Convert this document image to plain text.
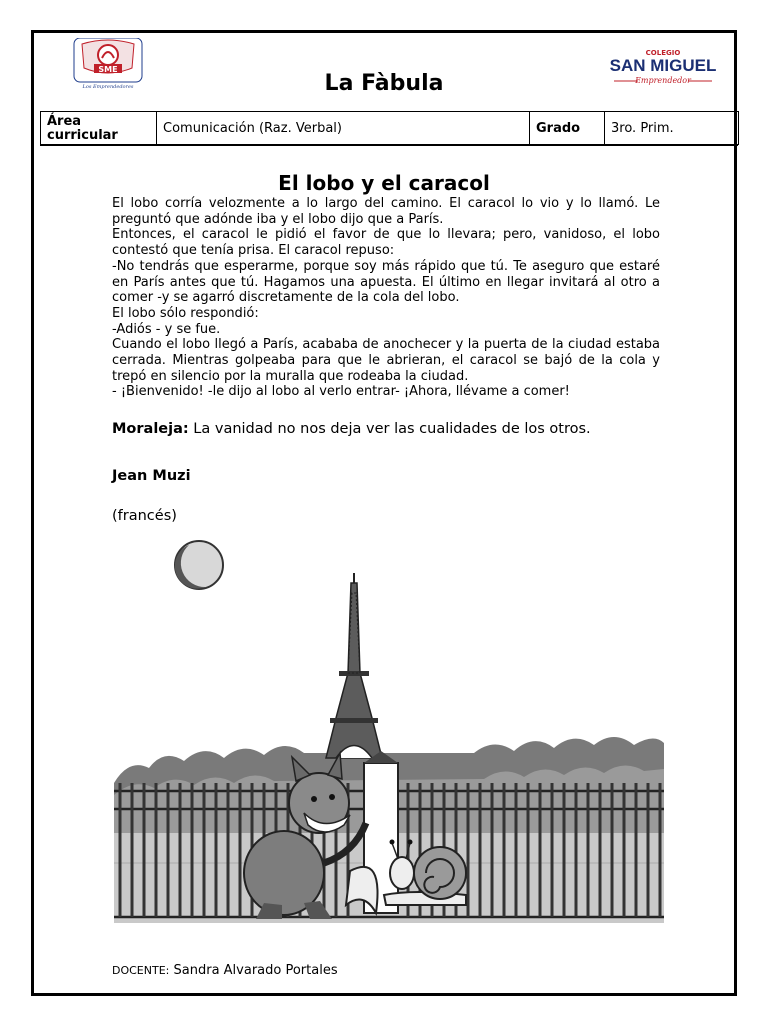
SME
Los Emprendedores	La Fàbula
COLEGIO
SAN MIGUEL
Emprendedor
Área curricular	Comunicación (Raz. Verbal)	Grado	3ro. Prim.
El lobo y el caracol

El lobo corría velozmente a lo largo del camino. El caracol lo vio y lo llamó. Le preguntó que adónde iba y el lobo dijo que a París.

Entonces, el caracol le pidió el favor de que lo llevara; pero, vanidoso, el lobo contestó que tenía prisa. El caracol repuso:

-No tendrás que esperarme, porque soy más rápido que tú. Te aseguro que estaré en París antes que tú. Hagamos una apuesta. El último en llegar invitará al otro a comer -y se agarró discretamente de la cola del lobo.

El lobo sólo respondió:

-Adiós - y se fue.

Cuando el lobo llegó a París, acababa de anochecer y la puerta de la ciudad estaba cerrada. Mientras golpeaba para que le abrieran, el caracol se bajó de la cola y trepó en silencio por la muralla que rodeaba la ciudad.

- ¡Bienvenido! -le dijo al lobo al verlo entrar- ¡Ahora, llévame a comer!

Moraleja: La vanidad no nos deja ver las cualidades de los otros.
Jean Muzi
(francés)
DOCENTE: Sandra Alvarado Portales
